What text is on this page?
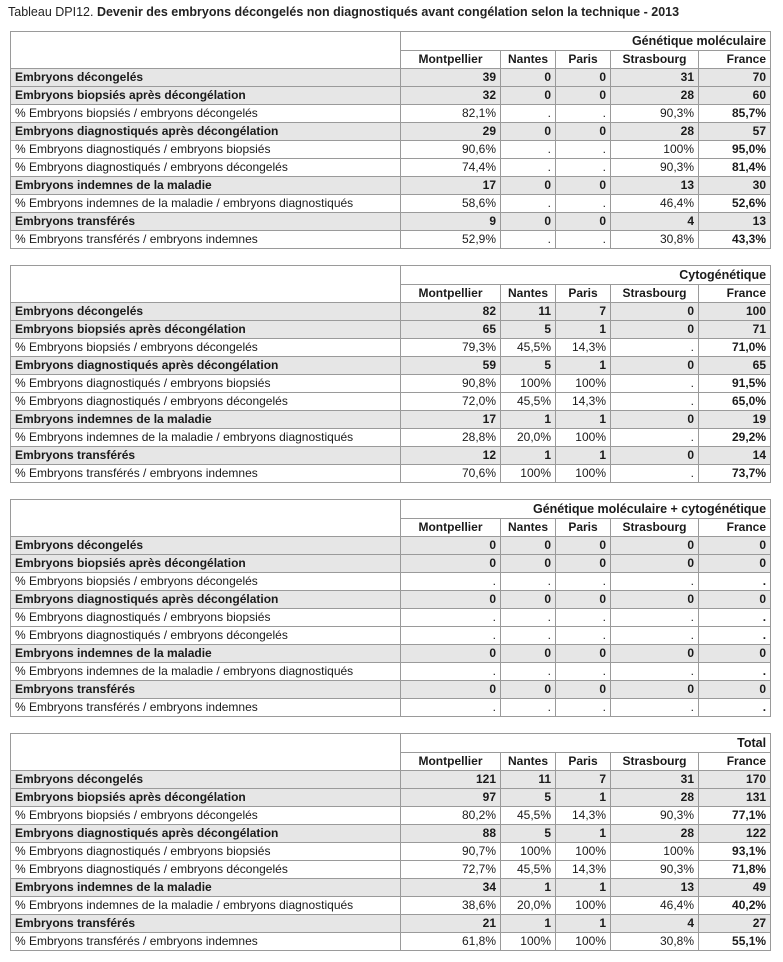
Tableau DPI12. Devenir des embryons décongelés non diagnostiqués avant congélation selon la technique - 2013
	Génétique moléculaire				
	Montpellier	Nantes	Paris	Strasbourg	France
Embryons décongelés	39	0	0	31	70
Embryons biopsiés après décongélation	32	0	0	28	60
% Embryons biopsiés / embryons décongelés	82,1%	.	.	90,3%	85,7%
Embryons diagnostiqués après décongélation	29	0	0	28	57
% Embryons diagnostiqués / embryons biopsiés	90,6%	.	.	100%	95,0%
% Embryons diagnostiqués / embryons décongelés	74,4%	.	.	90,3%	81,4%
Embryons indemnes de la maladie	17	0	0	13	30
% Embryons indemnes de la maladie / embryons diagnostiqués	58,6%	.	.	46,4%	52,6%
Embryons transférés	9	0	0	4	13
% Embryons transférés / embryons indemnes	52,9%	.	.	30,8%	43,3%
	Cytogénétique				
	Montpellier	Nantes	Paris	Strasbourg	France
Embryons décongelés	82	11	7	0	100
Embryons biopsiés après décongélation	65	5	1	0	71
% Embryons biopsiés / embryons décongelés	79,3%	45,5%	14,3%	.	71,0%
Embryons diagnostiqués après décongélation	59	5	1	0	65
% Embryons diagnostiqués / embryons biopsiés	90,8%	100%	100%	.	91,5%
% Embryons diagnostiqués / embryons décongelés	72,0%	45,5%	14,3%	.	65,0%
Embryons indemnes de la maladie	17	1	1	0	19
% Embryons indemnes de la maladie / embryons diagnostiqués	28,8%	20,0%	100%	.	29,2%
Embryons transférés	12	1	1	0	14
% Embryons transférés / embryons indemnes	70,6%	100%	100%	.	73,7%
	Génétique moléculaire + cytogénétique				
	Montpellier	Nantes	Paris	Strasbourg	France
Embryons décongelés	0	0	0	0	0
Embryons biopsiés après décongélation	0	0	0	0	0
% Embryons biopsiés / embryons décongelés	.	.	.	.	.
Embryons diagnostiqués après décongélation	0	0	0	0	0
% Embryons diagnostiqués / embryons biopsiés	.	.	.	.	.
% Embryons diagnostiqués / embryons décongelés	.	.	.	.	.
Embryons indemnes de la maladie	0	0	0	0	0
% Embryons indemnes de la maladie / embryons diagnostiqués	.	.	.	.	.
Embryons transférés	0	0	0	0	0
% Embryons transférés / embryons indemnes	.	.	.	.	.
	Total				
	Montpellier	Nantes	Paris	Strasbourg	France
Embryons décongelés	121	11	7	31	170
Embryons biopsiés après décongélation	97	5	1	28	131
% Embryons biopsiés / embryons décongelés	80,2%	45,5%	14,3%	90,3%	77,1%
Embryons diagnostiqués après décongélation	88	5	1	28	122
% Embryons diagnostiqués / embryons biopsiés	90,7%	100%	100%	100%	93,1%
% Embryons diagnostiqués / embryons décongelés	72,7%	45,5%	14,3%	90,3%	71,8%
Embryons indemnes de la maladie	34	1	1	13	49
% Embryons indemnes de la maladie / embryons diagnostiqués	38,6%	20,0%	100%	46,4%	40,2%
Embryons transférés	21	1	1	4	27
% Embryons transférés / embryons indemnes	61,8%	100%	100%	30,8%	55,1%
